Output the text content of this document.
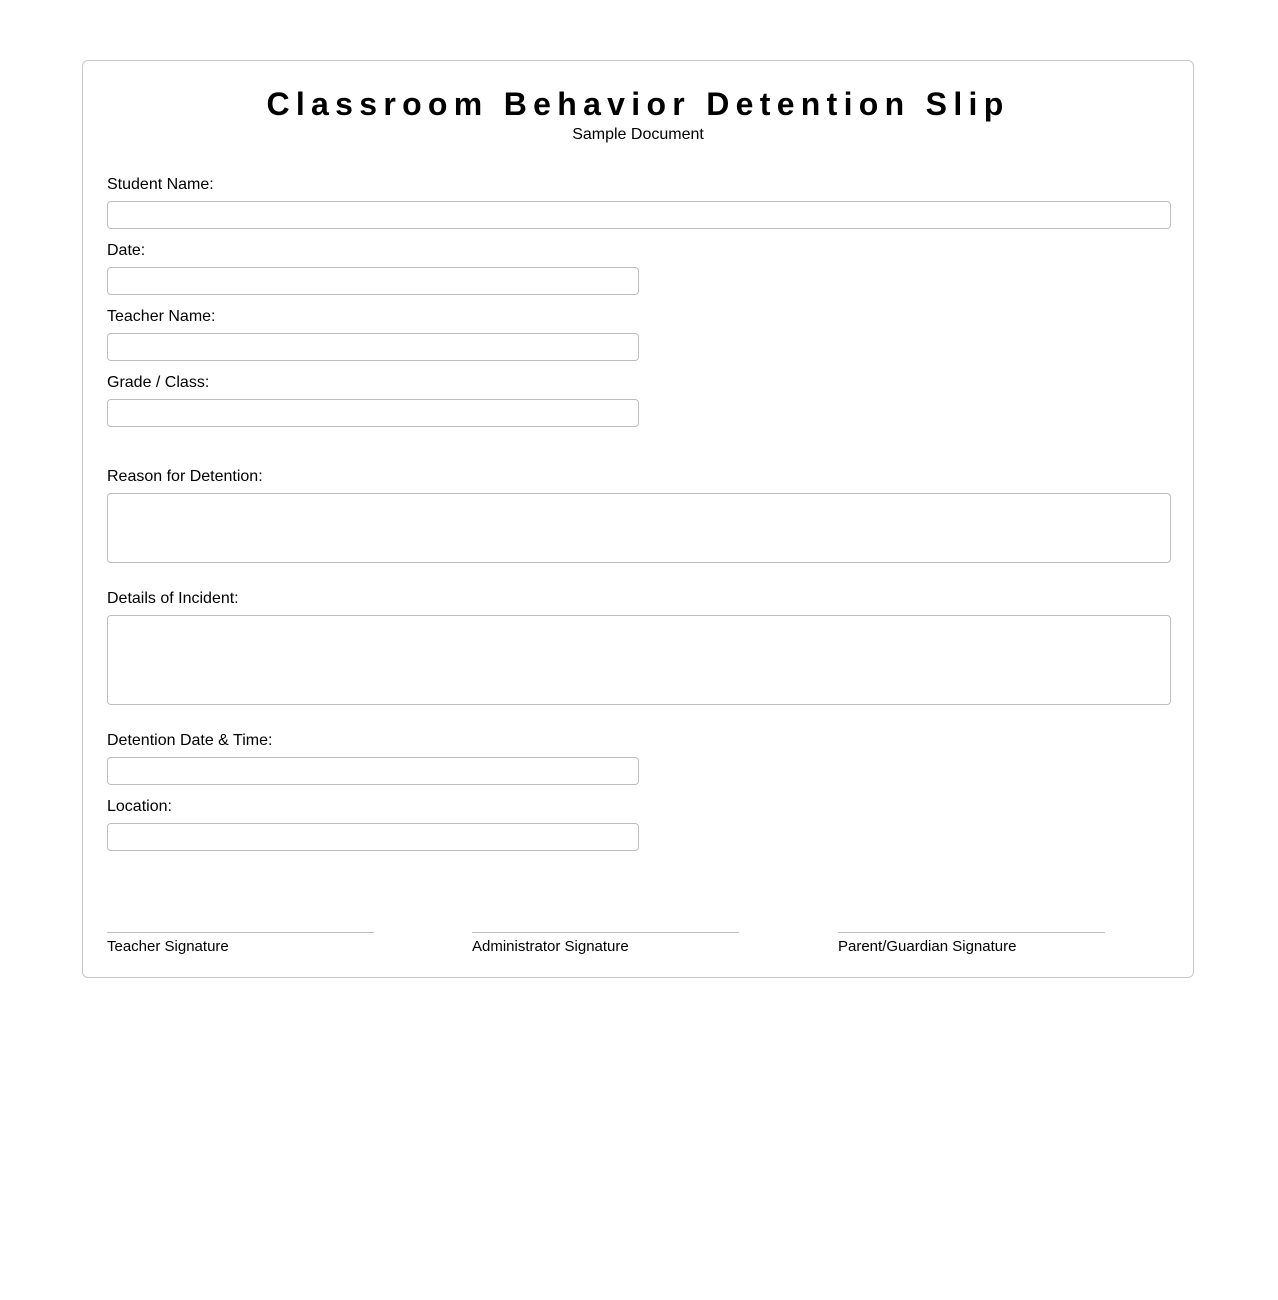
Classroom Behavior Detention Slip
Sample Document
Student Name:
Date:
Teacher Name:
Grade / Class:
Reason for Detention:
Details of Incident:
Detention Date & Time:
Location:
Teacher Signature	Administrator Signature	Parent/Guardian Signature
